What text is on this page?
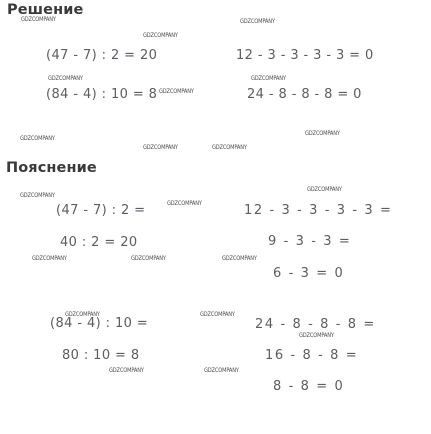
Решение
Пояснение
(47 - 7) : 2 = 20	12 - 3 - 3 - 3 - 3 = 0
(84 - 4) : 10 = 8	24 - 8 - 8 - 8 = 0
(47 - 7) : 2 =
40 : 2 = 20
12 - 3 - 3 - 3 - 3 =
9 - 3 - 3 =
6 - 3 = 0
(84 - 4) : 10 =
80 : 10 = 8
24 - 8 - 8 - 8 =
16 - 8 - 8 =
8 - 8 = 0
GDZCOMPANY	GDZCOMPANY
GDZCOMPANY
GDZCOMPANY	GDZCOMPANY
GDZCOMPANY
GDZCOMPANY
GDZCOMPANY
GDZCOMPANY	GDZCOMPANY
GDZCOMPANY
GDZCOMPANY
GDZCOMPANY
GDZCOMPANY	GDZCOMPANY	GDZCOMPANY
GDZCOMPANY	GDZCOMPANY
GDZCOMPANY
GDZCOMPANY	GDZCOMPANY
